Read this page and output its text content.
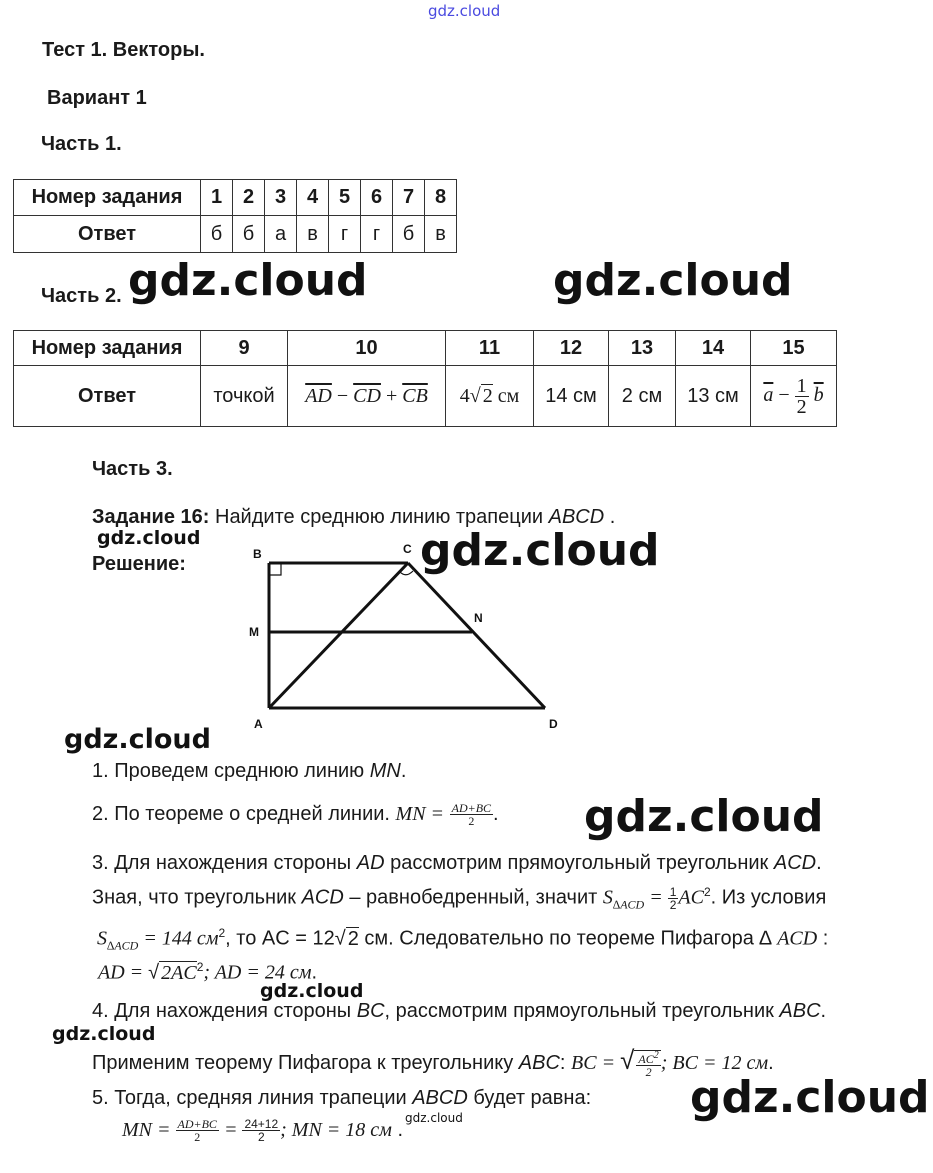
gdz.cloud
gdz.cloud	gdz.cloud
gdz.cloud	gdz.cloud
gdz.cloud
gdz.cloud
gdz.cloud
gdz.cloud
gdz.cloud
gdz.cloud
Тест 1. Векторы.
Вариант 1
Часть 1.
Номер задания	1	2	3	4	5	6	7	8
Ответ	б	б	а	в	г	г	б	в
Часть 2.
Номер задания	9	10	11	12	13	14	15
Ответ	точкой	$\overline{AD} - \overline{CD} + \overline{CB}$	4√ 2 см	14 см	2 см	13 см	$\overline{a} - \frac{1}{2} \overline{b}$
Часть 3.
Задание 16: Найдите среднюю линию трапеции ABCD .
Решение:	B	C
M
N
A	D
1. Проведем среднюю линию MN.
2. По теореме о средней линии. MN = $\frac{AD+BC}{2}$ .
3. Для нахождения стороны AD рассмотрим прямоугольный треугольник ACD.
Зная, что треугольник ACD – равнобедренный, значит $S_{\Delta ACD} = \frac{1}{2} AC^2$. Из условия
$S_{\Delta ACD} = 144$ $см^2$, то AC = 12√ 2 см. Следовательно по теореме Пифагора ∆ ACD :
AD = √ $2AC^2$; AD = 24 см.
4. Для нахождения стороны BC, рассмотрим прямоугольный треугольник ABC.
Применим теорему Пифагора к треугольнику ABC: BC = √ $\frac{AC^2}{2}$ ; BC = 12 см.
5. Тогда, средняя линия трапеции ABCD будет равна:
MN = $\frac{AD+BC}{2} = \frac{24+12}{2}$ ; MN = 18 см .
